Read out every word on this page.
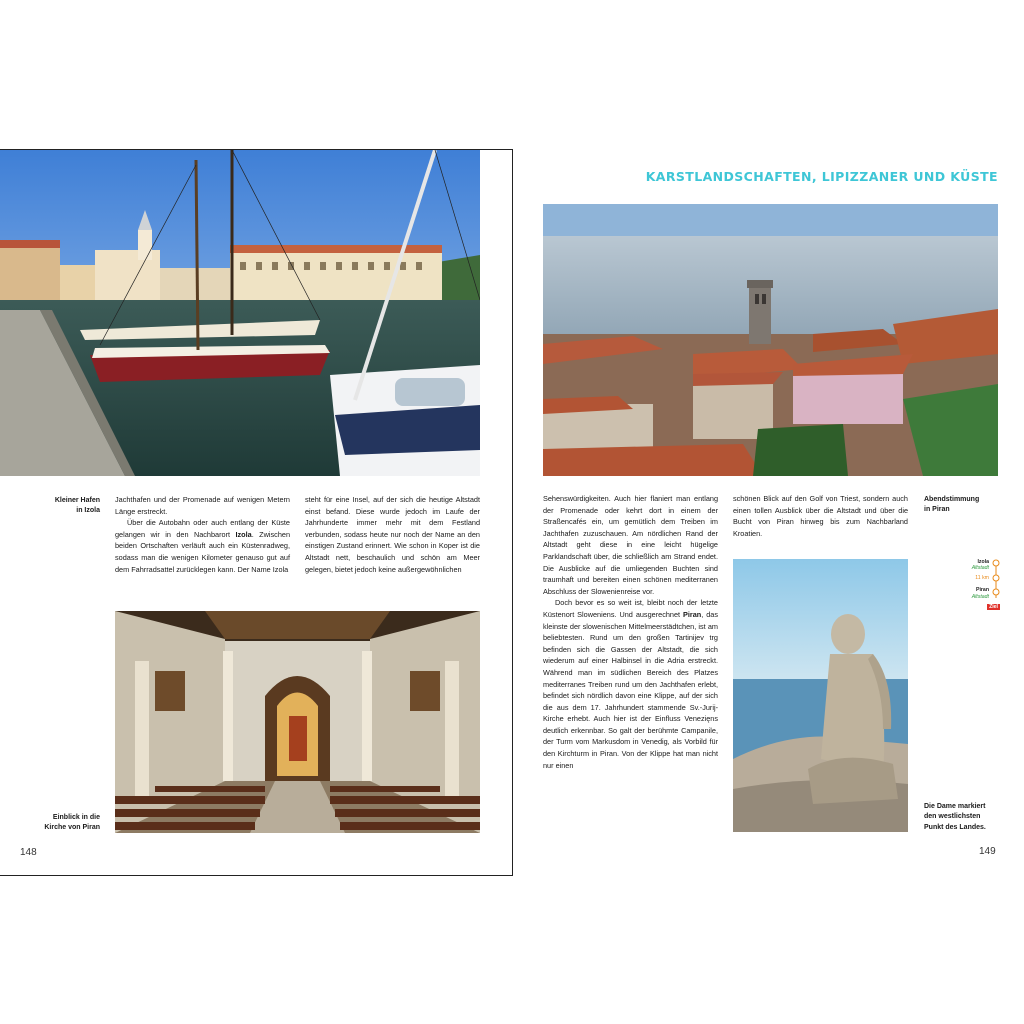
Kleiner Hafen
in Izola

Jachthafen und der Promenade auf wenigen Metern Länge erstreckt.

Über die Autobahn oder auch entlang der Küste gelangen wir in den Nachbarort Izola. Zwischen beiden Ortschaften verläuft auch ein Küstenradweg, sodass man die wenigen Kilometer genauso gut auf dem Fahrradsattel zurücklegen kann. Der Name Izola

steht für eine Insel, auf der sich die heutige Altstadt einst befand. Diese wurde jedoch im Laufe der Jahrhunderte immer mehr mit dem Festland verbunden, sodass heute nur noch der Name an den einstigen Zustand erinnert. Wie schon in Koper ist die Altstadt nett, beschaulich und schön am Meer gelegen, bietet jedoch keine außergewöhnlichen

Einblick in die
Kirche von Piran
148
KARSTLANDSCHAFTEN, LIPIZZANER UND KÜSTE

Sehenswürdigkeiten. Auch hier flaniert man entlang der Promenade oder kehrt dort in einem der Straßencafés ein, um gemütlich dem Treiben im Jachthafen zuzuschauen. Am nördlichen Rand der Altstadt geht diese in eine leicht hügelige Parklandschaft über, die schließlich am Strand endet. Die Ausblicke auf die umliegenden Buchten sind traumhaft und bereiten einen schönen mediterranen Abschluss der Slowenienreise vor.

Doch bevor es so weit ist, bleibt noch der letzte Küstenort Sloweniens. Und ausgerechnet Piran, das kleinste der slowenischen Mittelmeerstädtchen, ist am beliebtesten. Rund um den großen Tartinijev trg befinden sich die Gassen der Altstadt, die sich wiederum auf einer Halbinsel in die Adria erstreckt. Während man im südlichen Bereich des Platzes mediterranes Treiben rund um den Jachthafen erlebt, befindet sich nördlich davon eine Klippe, auf der sich die aus dem 17. Jahrhundert stammende Sv.-Jurij-Kirche erhebt. Auch hier ist der Einfluss Venezięns deutlich erkennbar. So galt der berühmte Campanile, der Turm vom Markusdom in Venedig, als Vorbild für den Kirchturm in Piran. Von der Klippe hat man nicht nur einen

schönen Blick auf den Golf von Triest, sondern auch einen tollen Ausblick über die Altstadt und über die Bucht von Piran hinweg bis zum Nachbarland Kroatien.

Abendstimmung
in Piran
Die Dame markiert
den westlichsten
Punkt des Landes.
149
Izola
Altstadt
11 km
Piran
Altstadt
Ziel
